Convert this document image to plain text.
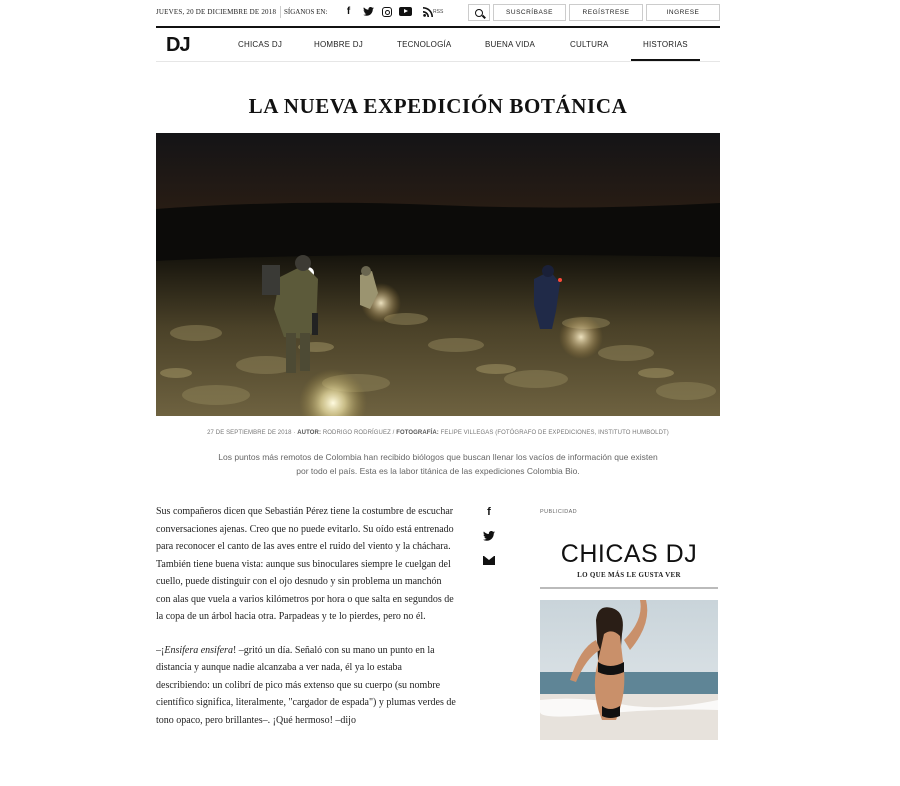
JUEVES, 20 DE DICIEMBRE DE 2018 SÍGANOS EN:	f	RSS	SUSCRÍBASE	REGÍSTRESE	INGRESE
DJ	CHICAS DJ	HOMBRE DJ	TECNOLOGÍA	BUENA VIDA	CULTURA	HISTORIAS
LA NUEVA EXPEDICIÓN BOTÁNICA
27 DE SEPTIEMBRE DE 2018 · AUTOR: RODRIGO RODRÍGUEZ / FOTOGRAFÍA: FELIPE VILLEGAS (FOTÓGRAFO DE EXPEDICIONES, INSTITUTO HUMBOLDT)

Los puntos más remotos de Colombia han recibido biólogos que buscan llenar los vacíos de información que existen por todo el país. Esta es la labor titánica de las expediciones Colombia Bio.

Sus compañeros dicen que Sebastián Pérez tiene la costumbre de escuchar conversaciones ajenas. Creo que no puede evitarlo. Su oído está entrenado para reconocer el canto de las aves entre el ruido del viento y la cháchara. También tiene buena vista: aunque sus binoculares siempre le cuelgan del cuello, puede distinguir con el ojo desnudo y sin problema un manchón con alas que vuela a varios kilómetros por hora o que salta en segundos de la copa de un árbol hacia otra. Parpadeas y te lo pierdes, pero no él.

–¡Ensifera ensifera! –gritó un día. Señaló con su mano un punto en la distancia y aunque nadie alcanzaba a ver nada, él ya lo estaba describiendo: un colibrí de pico más extenso que su cuerpo (su nombre científico significa, literalmente, "cargador de espada") y plumas verdes de tono opaco, pero brillantes–. ¡Qué hermoso! –dijo

f	PUBLICIDAD
CHICAS DJ
LO QUE MÁS LE GUSTA VER
